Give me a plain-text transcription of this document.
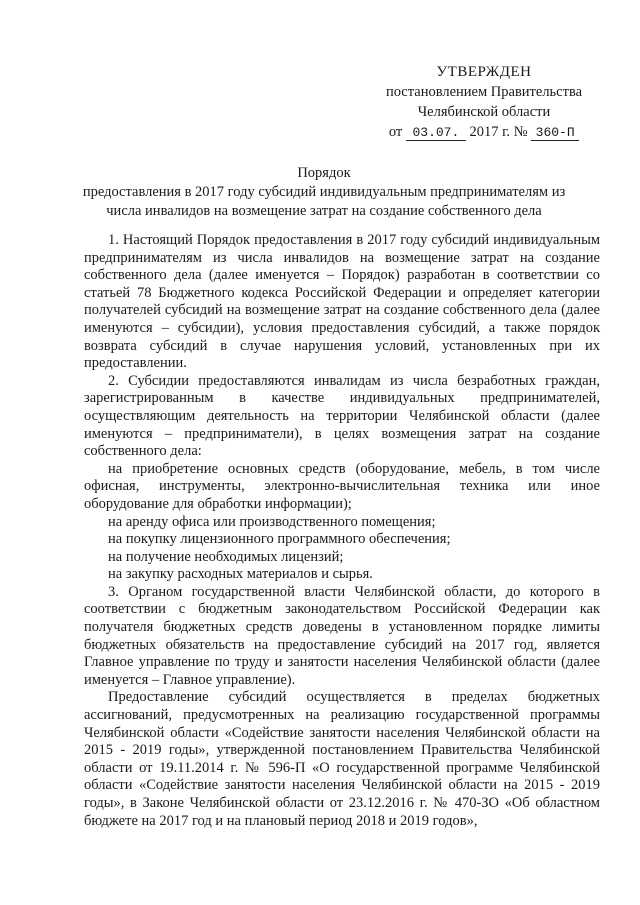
УТВЕРЖДЕН
постановлением Правительства
Челябинской области
от 03.07. 2017 г. № 360-П
Порядок
предоставления в 2017 году субсидий индивидуальным предпринимателям из
числа инвалидов на возмещение затрат на создание собственного дела

1. Настоящий Порядок предоставления в 2017 году субсидий индивидуальным предпринимателям из числа инвалидов на возмещение затрат на создание собственного дела (далее именуется – Порядок) разработан в соответствии со статьей 78 Бюджетного кодекса Российской Федерации и определяет категории получателей субсидий на возмещение затрат на создание собственного дела (далее именуются – субсидии), условия предоставления субсидий, а также порядок возврата субсидий в случае нарушения условий, установленных при их предоставлении.

2. Субсидии предоставляются инвалидам из числа безработных граждан, зарегистрированным в качестве индивидуальных предпринимателей, осуществляющим деятельность на территории Челябинской области (далее именуются – предприниматели), в целях возмещения затрат на создание собственного дела:

на приобретение основных средств (оборудование, мебель, в том числе офисная, инструменты, электронно-вычислительная техника или иное оборудование для обработки информации);

на аренду офиса или производственного помещения;

на покупку лицензионного программного обеспечения;

на получение необходимых лицензий;

на закупку расходных материалов и сырья.

3. Органом государственной власти Челябинской области, до которого в соответствии с бюджетным законодательством Российской Федерации как получателя бюджетных средств доведены в установленном порядке лимиты бюджетных обязательств на предоставление субсидий на 2017 год, является Главное управление по труду и занятости населения Челябинской области (далее именуется – Главное управление).

Предоставление субсидий осуществляется в пределах бюджетных ассигнований, предусмотренных на реализацию государственной программы Челябинской области «Содействие занятости населения Челябинской области на 2015 - 2019 годы», утвержденной постановлением Правительства Челябинской области от 19.11.2014 г. № 596-П «О государственной программе Челябинской области «Содействие занятости населения Челябинской области на 2015 - 2019 годы», в Законе Челябинской области от 23.12.2016 г. № 470-ЗО «Об областном бюджете на 2017 год и на плановый период 2018 и 2019 годов»,
